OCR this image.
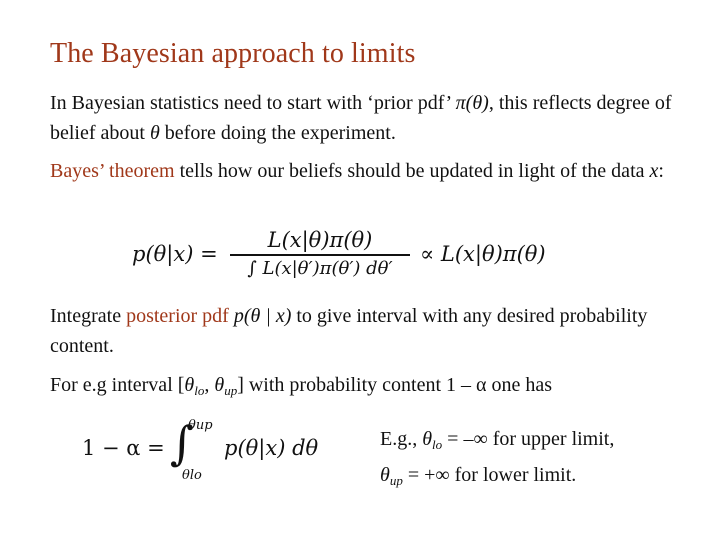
The Bayesian approach to limits

In Bayesian statistics need to start with ‘prior pdf’ π(θ), this reflects degree of belief about θ before doing the experiment.

Bayes’ theorem tells how our beliefs should be updated in light of the data x:

p(θ|x) =
L(x|θ)π(θ)
∫ L(x|θ′)π(θ′) dθ′
∝ L(x|θ)π(θ)

Integrate posterior pdf p(θ | x) to give interval with any desired probability content.

For e.g interval [$\theta_{lo}$, $\theta_{up}$] with probability content 1 – α one has

1 − α = ∫
θup
θlo
p(θ|x) dθ	E.g., $\theta_{lo}$ = –∞ for upper limit,
$\theta_{up}$ = +∞ for lower limit.
